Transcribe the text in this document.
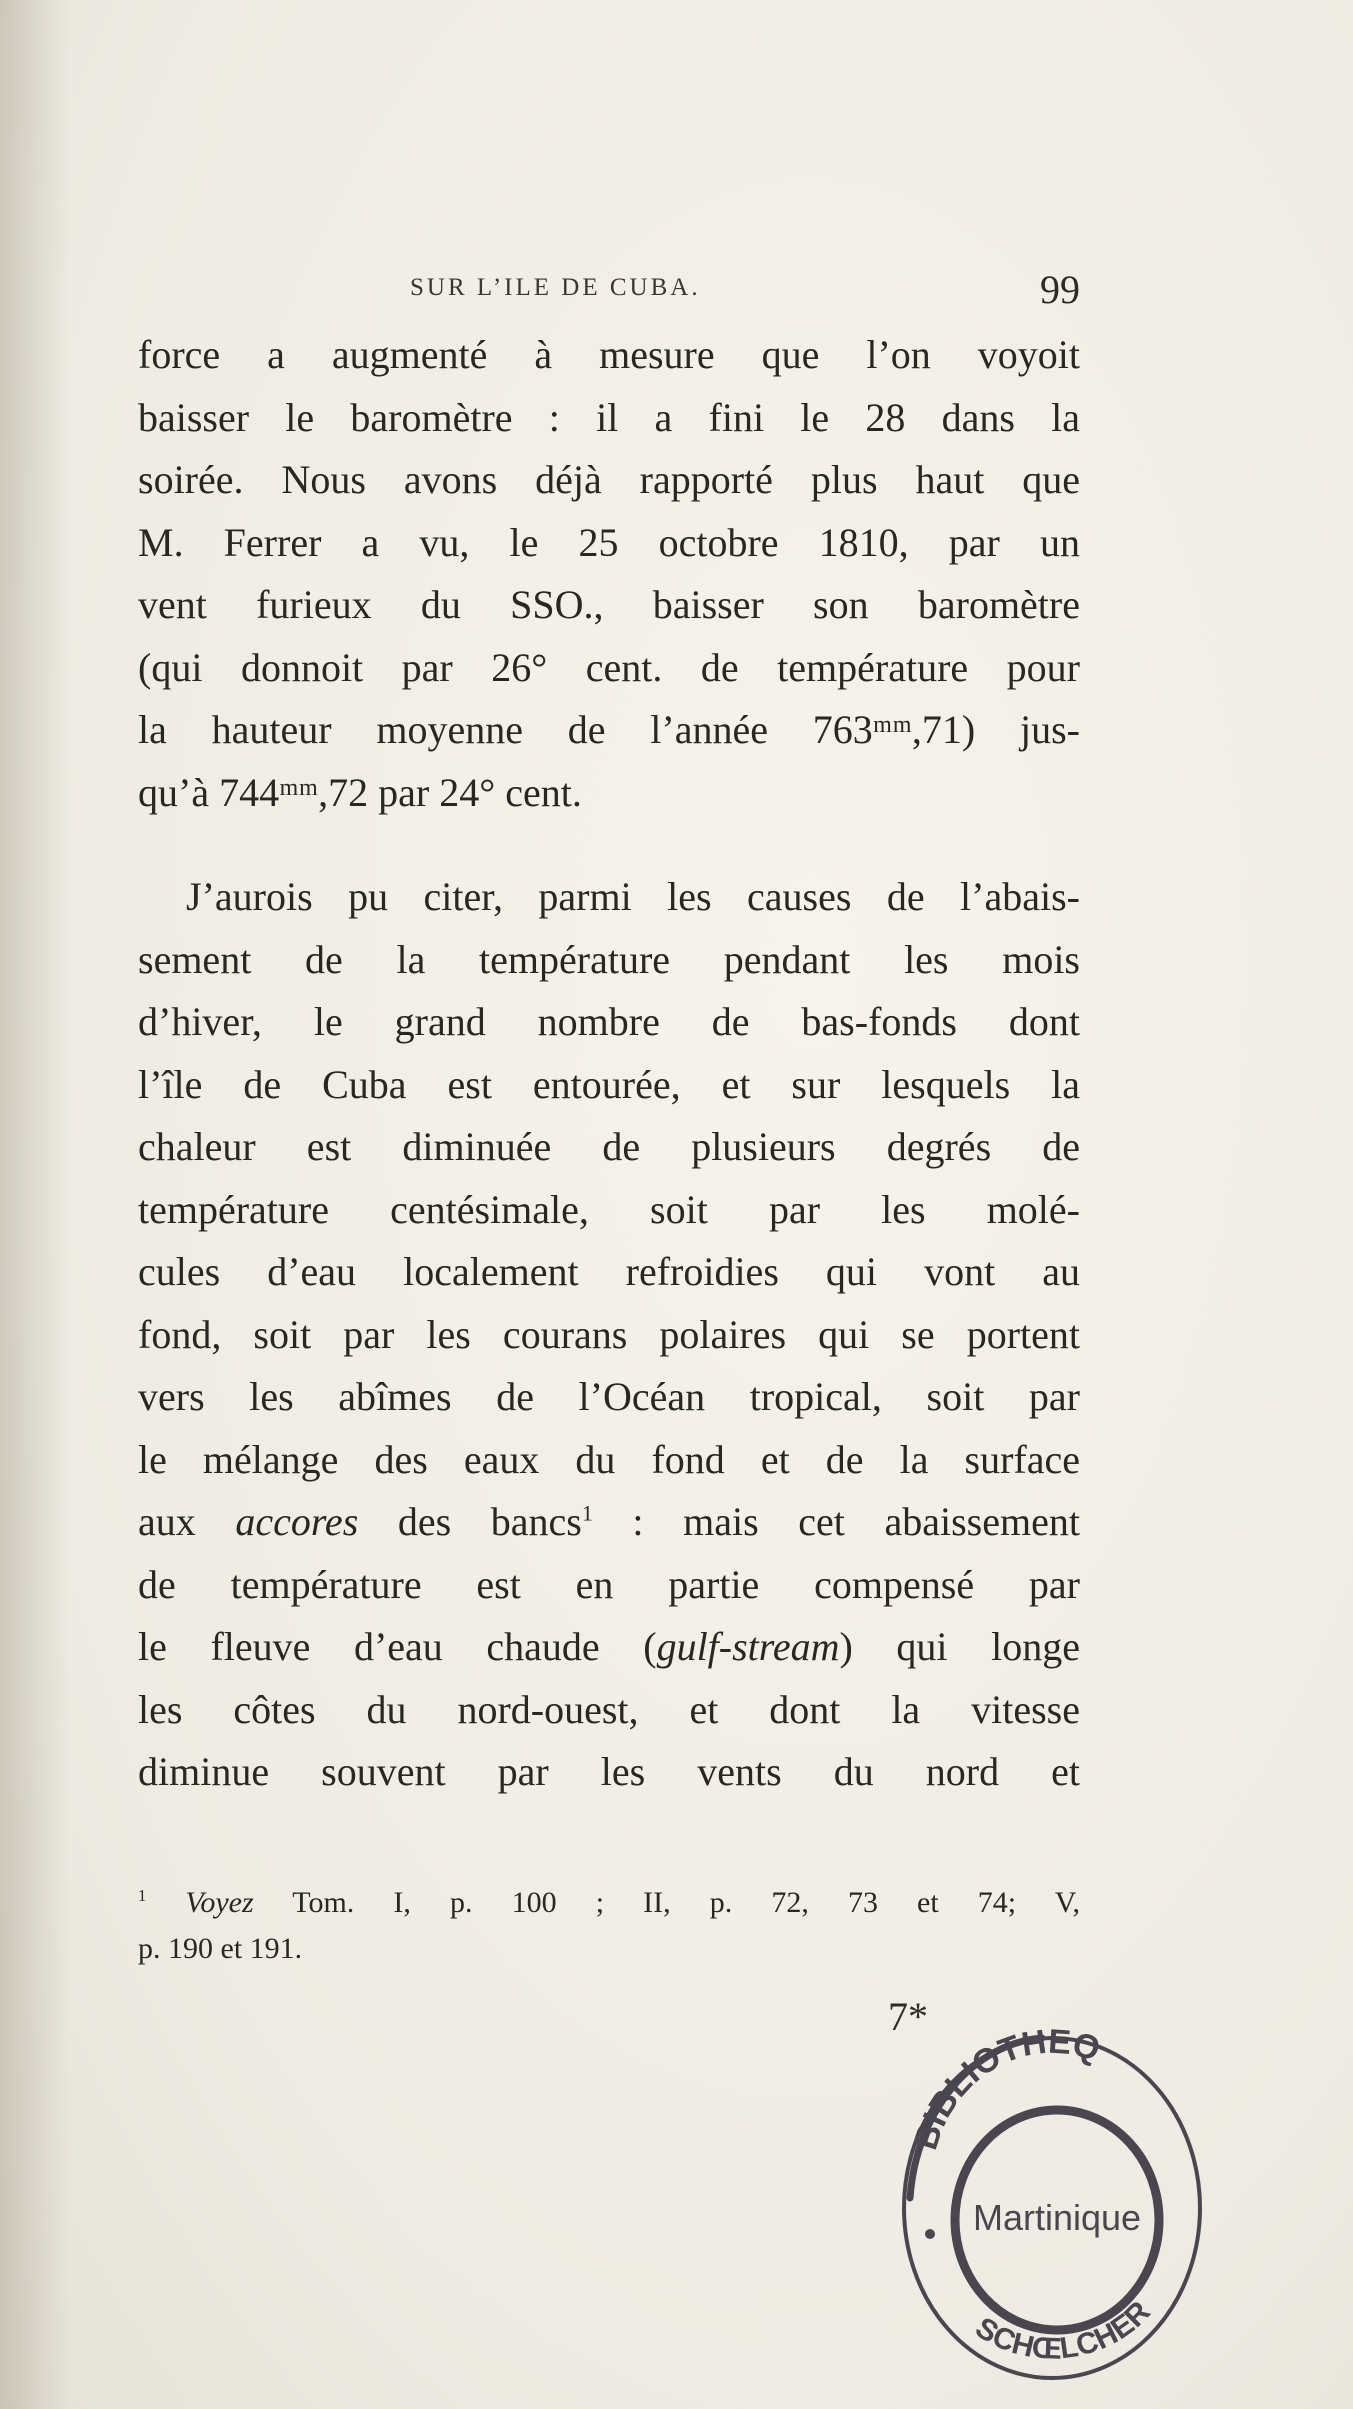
SUR L’ILE DE CUBA.	99
force a augmenté à mesure que l’on voyoit
baisser le baromètre : il a fini le 28 dans la
soirée. Nous avons déjà rapporté plus haut que
M. Ferrer a vu, le 25 octobre 1810, par un
vent furieux du SSO., baisser son baromètre
(qui donnoit par 26° cent. de température pour
la hauteur moyenne de l’année 763ᵐᵐ,71) jus-
qu’à 744ᵐᵐ,72 par 24° cent.
J’aurois pu citer, parmi les causes de l’abais-
sement de la température pendant les mois
d’hiver, le grand nombre de bas-fonds dont
l’île de Cuba est entourée, et sur lesquels la
chaleur est diminuée de plusieurs degrés de
température centésimale, soit par les molé-
cules d’eau localement refroidies qui vont au
fond, soit par les courans polaires qui se portent
vers les abîmes de l’Océan tropical, soit par
le mélange des eaux du fond et de la surface
aux accores des bancs$^1$ : mais cet abaissement
de température est en partie compensé par
le fleuve d’eau chaude (gulf-stream) qui longe
les côtes du nord-ouest, et dont la vitesse
diminue souvent par les vents du nord et
$^1$ Voyez Tom. I, p. 100 ; II, p. 72, 73 et 74; V,
p. 190 et 191.
7*
BIBLIOTHEQ
SCHŒLCHER
Martinique
